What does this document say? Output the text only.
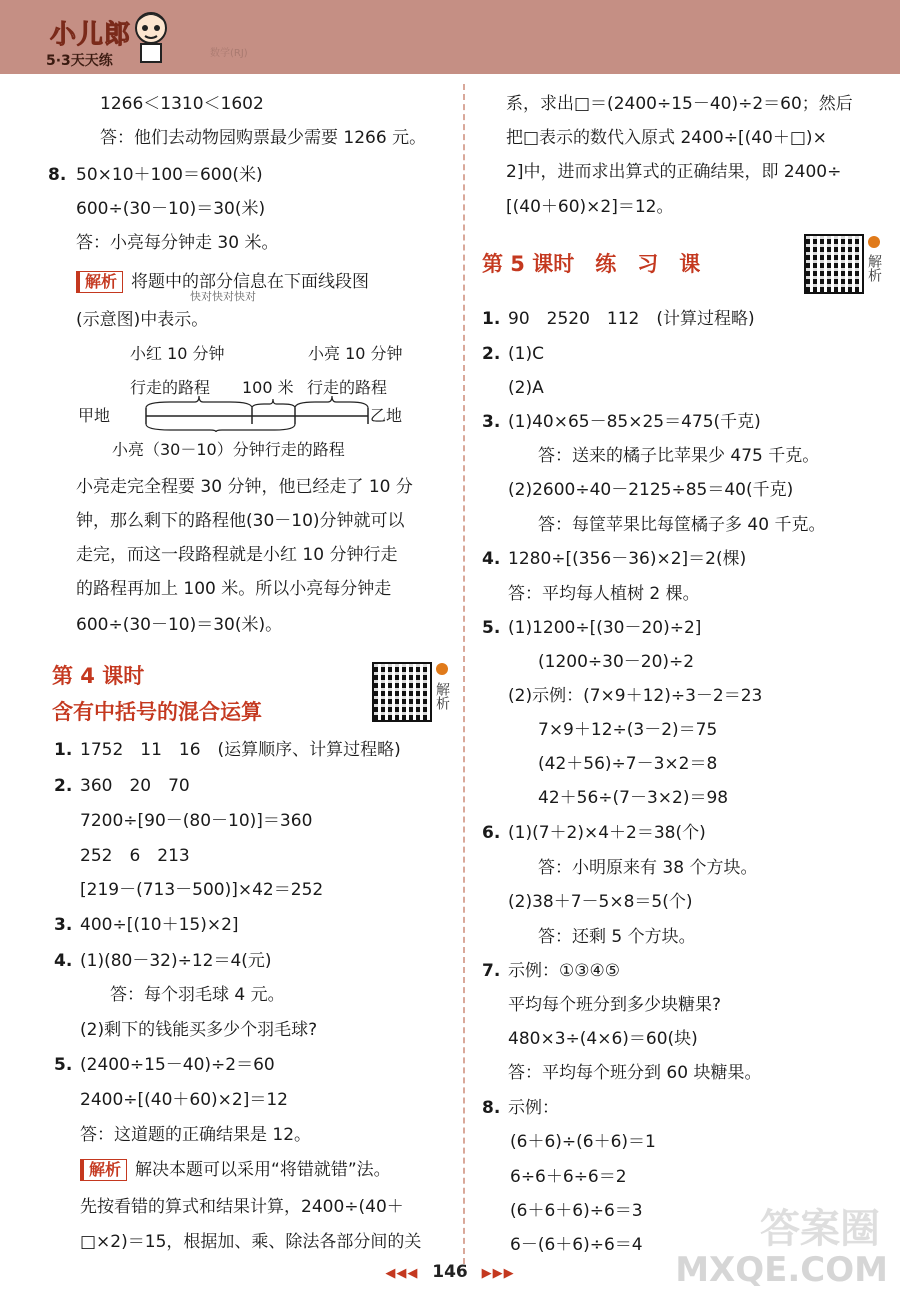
小儿郎
5·3天天练	数学(RJ)
1266＜1310＜1602
答：他们去动物园购票最少需要 1266 元。
8. 50×10＋100＝600(米)
600÷(30－10)＝30(米)
答：小亮每分钟走 30 米。
解析 将题中的部分信息在下面线段图
快对快对快对
(示意图)中表示。
小红 10 分钟	小亮 10 分钟
行走的路程 100 米 行走的路程
甲地	乙地
小亮（30－10）分钟行走的路程
小亮走完全程要 30 分钟，他已经走了 10 分
钟，那么剩下的路程他(30－10)分钟就可以
走完，而这一段路程就是小红 10 分钟行走
的路程再加上 100 米。所以小亮每分钟走
600÷(30－10)＝30(米)。
第 4 课时
含有中括号的混合运算
解析
1. 1752　11　16　(运算顺序、计算过程略)
2. 360　20　70
7200÷[90－(80－10)]＝360
252　6　213
[219－(713－500)]×42＝252
3. 400÷[(10＋15)×2]
4. (1)(80－32)÷12＝4(元)
答：每个羽毛球 4 元。
(2)剩下的钱能买多少个羽毛球?
5. (2400÷15－40)÷2＝60
2400÷[(40＋60)×2]＝12
答：这道题的正确结果是 12。
解析 解决本题可以采用“将错就错”法。
先按看错的算式和结果计算，2400÷(40＋
□×2)＝15，根据加、乘、除法各部分间的关
系，求出□＝(2400÷15－40)÷2＝60；然后
把□表示的数代入原式 2400÷[(40＋□)×
2]中，进而求出算式的正确结果，即 2400÷
[(40＋60)×2]＝12。
第 5 课时　练　习　课	解析
1. 90　2520　112　(计算过程略)
2. (1)C
(2)A
3. (1)40×65－85×25＝475(千克)
答：送来的橘子比苹果少 475 千克。
(2)2600÷40－2125÷85＝40(千克)
答：每筐苹果比每筐橘子多 40 千克。
4. 1280÷[(356－36)×2]＝2(棵)
答：平均每人植树 2 棵。
5. (1)1200÷[(30－20)÷2]
(1200÷30－20)÷2
(2)示例：(7×9＋12)÷3－2＝23
7×9＋12÷(3－2)＝75
(42＋56)÷7－3×2＝8
42＋56÷(7－3×2)＝98
6. (1)(7＋2)×4＋2＝38(个)
答：小明原来有 38 个方块。
(2)38＋7－5×8＝5(个)
答：还剩 5 个方块。
7. 示例：①③④⑤
平均每个班分到多少块糖果?
480×3÷(4×6)＝60(块)
答：平均每个班分到 60 块糖果。
8. 示例：
(6＋6)÷(6＋6)＝1
6÷6＋6÷6＝2
(6＋6＋6)÷6＝3
6－(6＋6)÷6＝4
◀◀◀ 146 ▶▶▶
答案圈
MXQE.COM
